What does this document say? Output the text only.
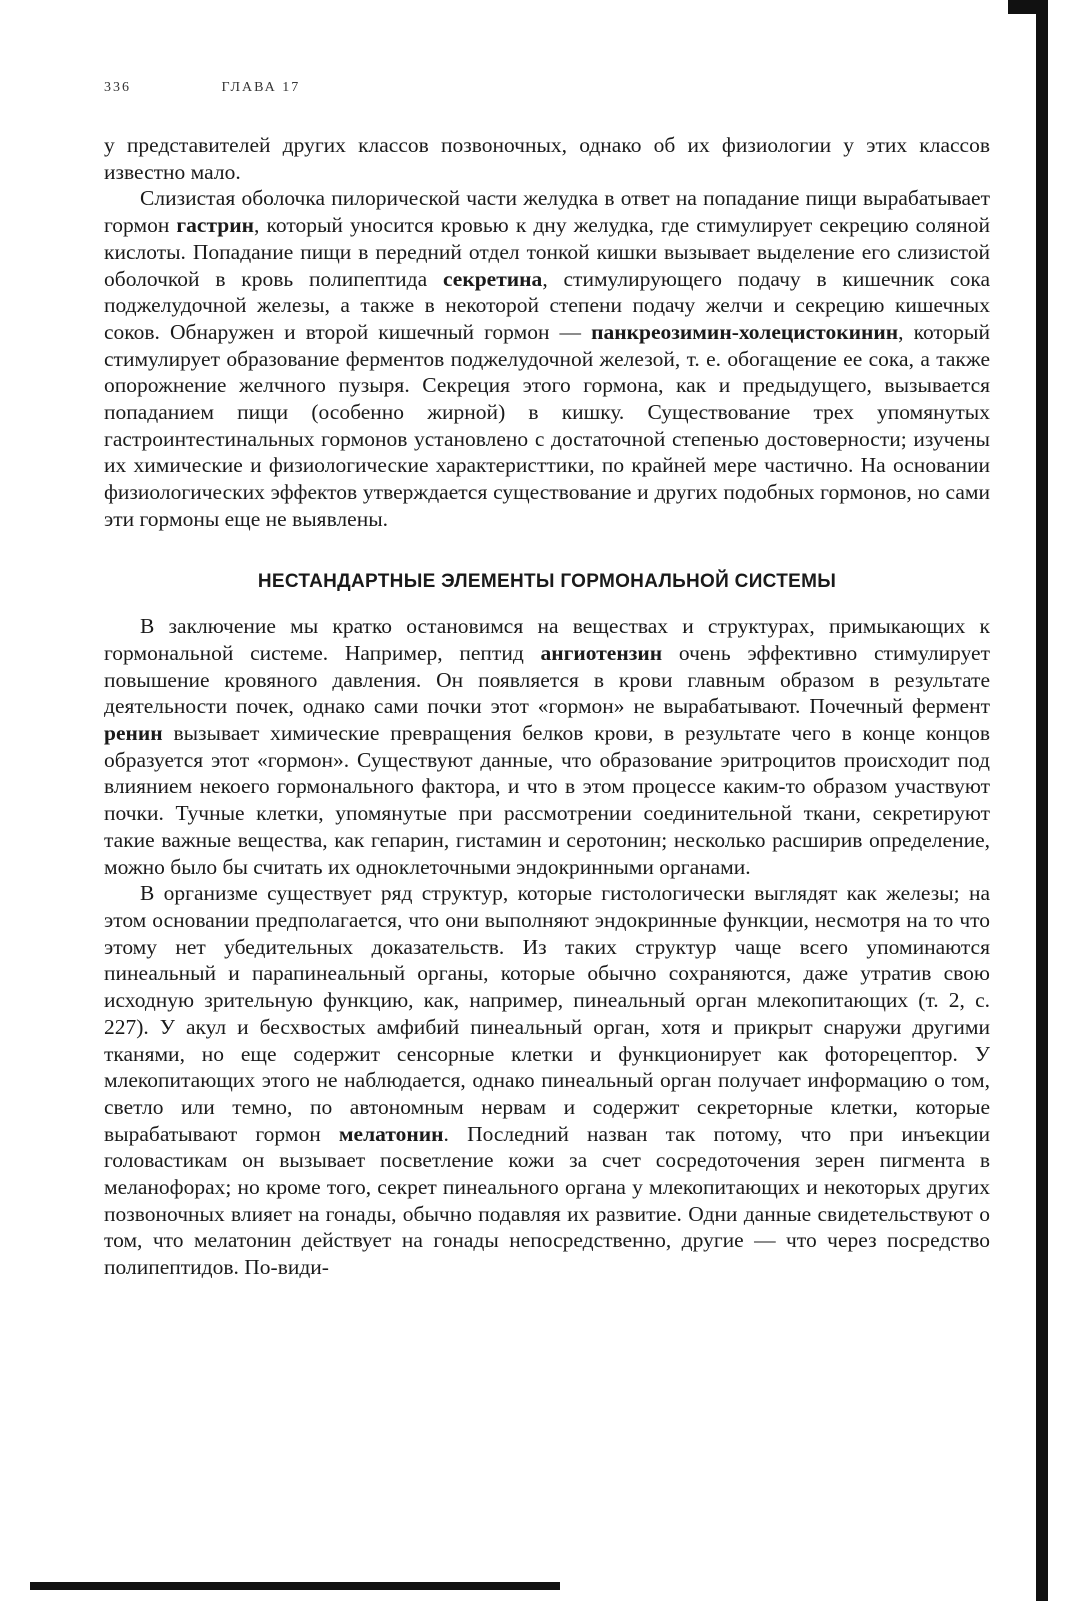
336	ГЛАВА 17

у представителей других классов позвоночных, однако об их физиологии у этих классов известно мало.

Слизистая оболочка пилорической части желудка в ответ на попадание пищи вырабатывает гормон гастрин, который уносится кровью к дну желудка, где стимулирует секрецию соляной кислоты. Попадание пищи в передний отдел тонкой кишки вызывает выделение его слизистой оболочкой в кровь полипептида секретина, стимулирующего подачу в кишечник сока поджелудочной железы, а также в некоторой степени подачу желчи и секрецию кишечных соков. Обнаружен и второй кишечный гормон — панкреозимин-холецистокинин, который стимулирует образование ферментов поджелудочной железой, т. е. обогащение ее сока, а также опорожнение желчного пузыря. Секреция этого гормона, как и предыдущего, вызывается попаданием пищи (особенно жирной) в кишку. Существование трех упомянутых гастроинтестинальных гормонов установлено с достаточной степенью достоверности; изучены их химические и физиологические характеристтики, по крайней мере частично. На основании физиологических эффектов утверждается существование и других подобных гормонов, но сами эти гормоны еще не выявлены.

НЕСТАНДАРТНЫЕ ЭЛЕМЕНТЫ ГОРМОНАЛЬНОЙ СИСТЕМЫ

В заключение мы кратко остановимся на веществах и структурах, примыкающих к гормональной системе. Например, пептид ангиотензин очень эффективно стимулирует повышение кровяного давления. Он появляется в крови главным образом в результате деятельности почек, однако сами почки этот «гормон» не вырабатывают. Почечный фермент ренин вызывает химические превращения белков крови, в результате чего в конце концов образуется этот «гормон». Существуют данные, что образование эритроцитов происходит под влиянием некоего гормонального фактора, и что в этом процессе каким-то образом участвуют почки. Тучные клетки, упомянутые при рассмотрении соединительной ткани, секретируют такие важные вещества, как гепарин, гистамин и серотонин; несколько расширив определение, можно было бы считать их одноклеточными эндокринными органами.

В организме существует ряд структур, которые гистологически выглядят как железы; на этом основании предполагается, что они выполняют эндокринные функции, несмотря на то что этому нет убедительных доказательств. Из таких структур чаще всего упоминаются пинеальный и парапинеальный органы, которые обычно сохраняются, даже утратив свою исходную зрительную функцию, как, например, пинеальный орган млекопитающих (т. 2, с. 227). У акул и бесхвостых амфибий пинеальный орган, хотя и прикрыт снаружи другими тканями, но еще содержит сенсорные клетки и функционирует как фоторецептор. У млекопитающих этого не наблюдается, однако пинеальный орган получает информацию о том, светло или темно, по автономным нервам и содержит секреторные клетки, которые вырабатывают гормон мелатонин. Последний назван так потому, что при инъекции головастикам он вызывает посветление кожи за счет сосредоточения зерен пигмента в меланофорах; но кроме того, секрет пинеального органа у млекопитающих и некоторых других позвоночных влияет на гонады, обычно подавляя их развитие. Одни данные свидетельствуют о том, что мелатонин действует на гонады непосредственно, другие — что через посредство полипептидов. По-види-
